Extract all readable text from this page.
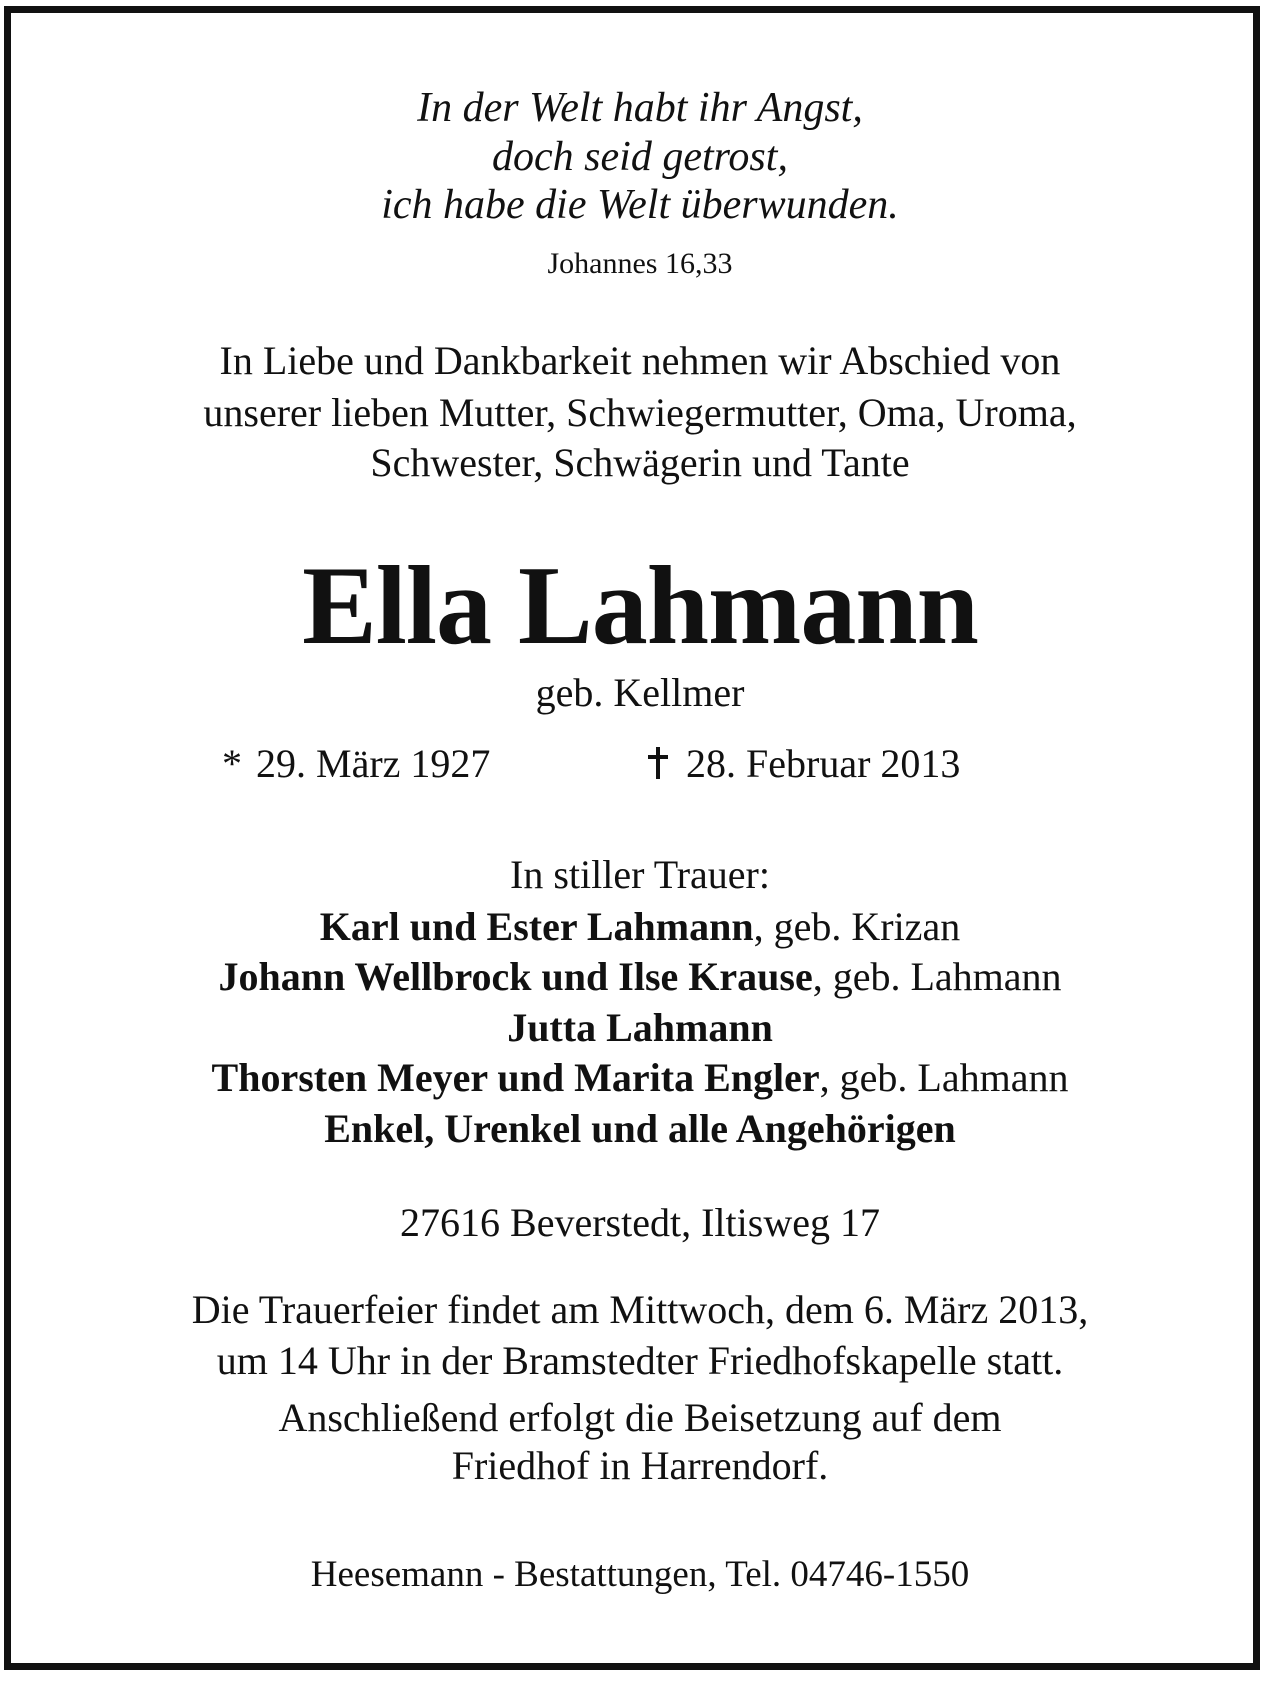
In der Welt habt ihr Angst,
doch seid getrost,
ich habe die Welt überwunden.
Johannes 16,33
In Liebe und Dankbarkeit nehmen wir Abschied von
unserer lieben Mutter, Schwiegermutter, Oma, Uroma,
Schwester, Schwägerin und Tante
Ella Lahmann
geb. Kellmer
* 29. März 1927	28. Februar 2013
In stiller Trauer:
Karl und Ester Lahmann, geb. Krizan
Johann Wellbrock und Ilse Krause, geb. Lahmann
Jutta Lahmann
Thorsten Meyer und Marita Engler, geb. Lahmann
Enkel, Urenkel und alle Angehörigen
27616 Beverstedt, Iltisweg 17
Die Trauerfeier findet am Mittwoch, dem 6. März 2013,
um 14 Uhr in der Bramstedter Friedhofskapelle statt.
Anschließend erfolgt die Beisetzung auf dem
Friedhof in Harrendorf.
Heesemann - Bestattungen, Tel. 04746-1550
